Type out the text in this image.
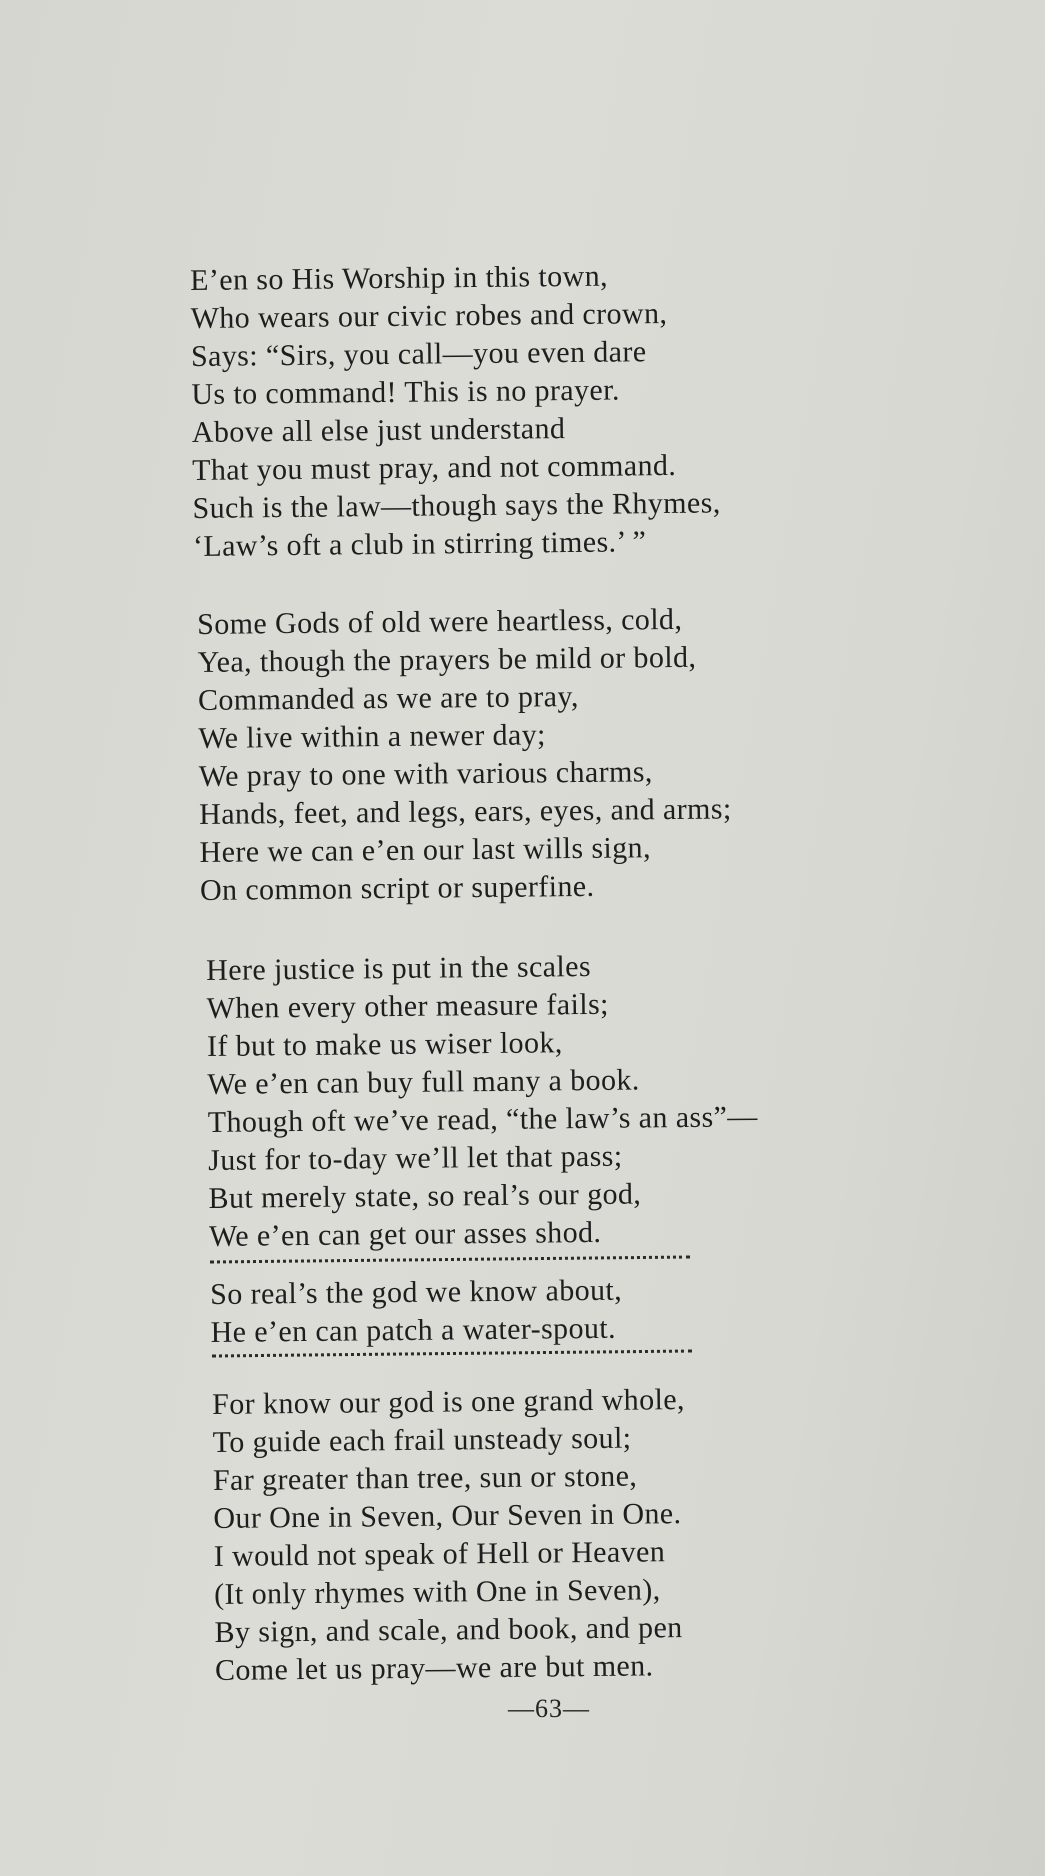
E’en so His Worship in this town,
Who wears our civic robes and crown,
Says: “Sirs, you call—you even dare
Us to command! This is no prayer.
Above all else just understand
That you must pray, and not command.
Such is the law—though says the Rhymes,
‘Law’s oft a club in stirring times.’ ”
Some Gods of old were heartless, cold,
Yea, though the prayers be mild or bold,
Commanded as we are to pray,
We live within a newer day;
We pray to one with various charms,
Hands, feet, and legs, ears, eyes, and arms;
Here we can e’en our last wills sign,
On common script or superfine.
Here justice is put in the scales
When every other measure fails;
If but to make us wiser look,
We e’en can buy full many a book.
Though oft we’ve read, “the law’s an ass”—
Just for to-day we’ll let that pass;
But merely state, so real’s our god,
We e’en can get our asses shod.
So real’s the god we know about,
He e’en can patch a water-spout.
For know our god is one grand whole,
To guide each frail unsteady soul;
Far greater than tree, sun or stone,
Our One in Seven, Our Seven in One.
I would not speak of Hell or Heaven
(It only rhymes with One in Seven),
By sign, and scale, and book, and pen
Come let us pray—we are but men.
—63—
